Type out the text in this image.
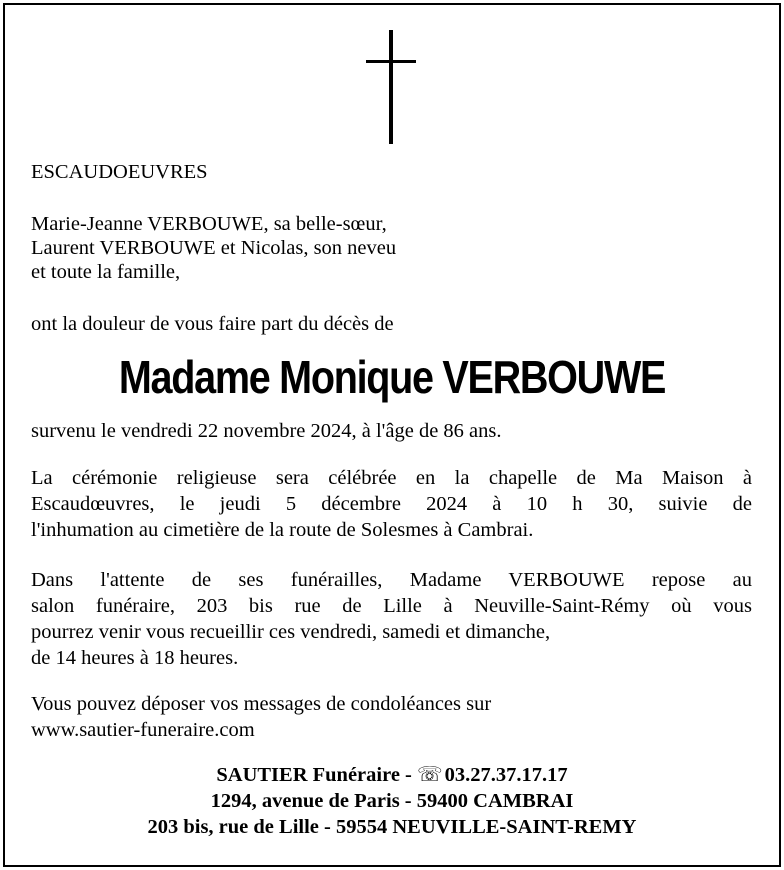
ESCAUDOEUVRES
Marie-Jeanne VERBOUWE, sa belle-sœur,
Laurent VERBOUWE et Nicolas, son neveu
et toute la famille,
ont la douleur de vous faire part du décès de
Madame Monique VERBOUWE
survenu le vendredi 22 novembre 2024, à l'âge de 86 ans.
La cérémonie religieuse sera célébrée en la chapelle de Ma Maison à
Escaudœuvres, le jeudi 5 décembre 2024 à 10 h 30, suivie de
l'inhumation au cimetière de la route de Solesmes à Cambrai.
Dans l'attente de ses funérailles, Madame VERBOUWE repose au
salon funéraire, 203 bis rue de Lille à Neuville-Saint-Rémy où vous
pourrez venir vous recueillir ces vendredi, samedi et dimanche,
de 14 heures à 18 heures.
Vous pouvez déposer vos messages de condoléances sur
www.sautier-funeraire.com
SAUTIER Funéraire - ☏03.27.37.17.17
1294, avenue de Paris - 59400 CAMBRAI
203 bis, rue de Lille - 59554 NEUVILLE-SAINT-REMY
